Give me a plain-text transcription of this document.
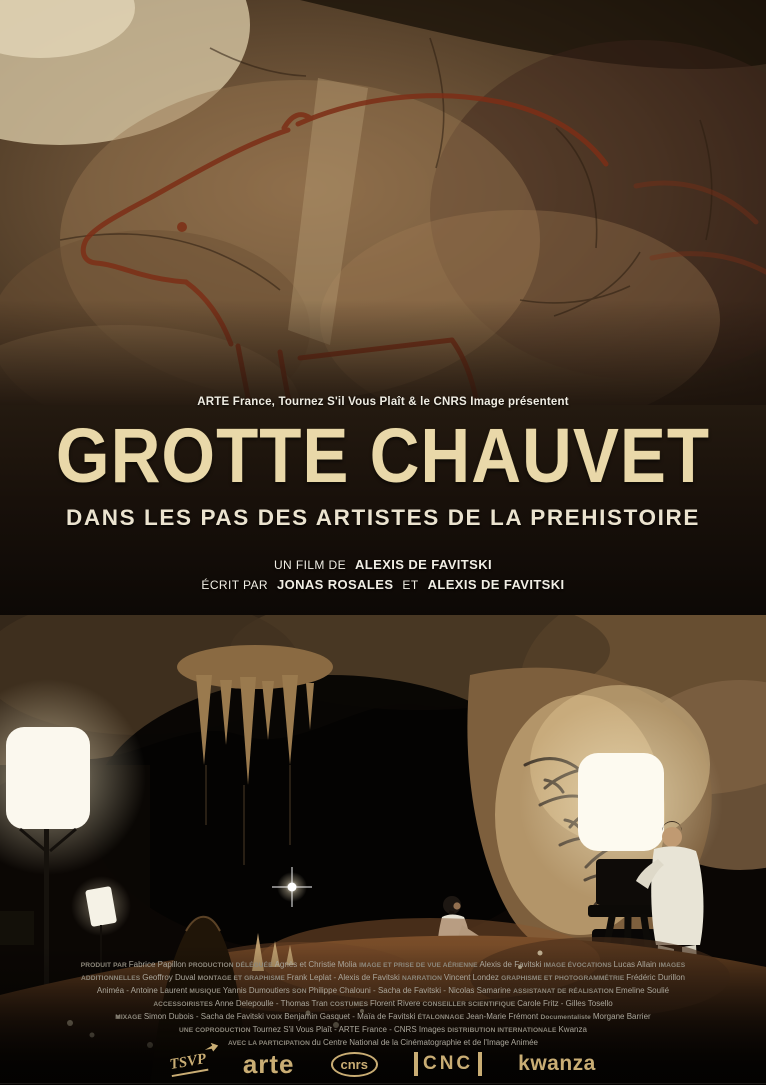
ARTE France, Tournez S'il Vous Plaît & le CNRS Image présentent
GROTTE CHAUVET
DANS LES PAS DES ARTISTES DE LA PREHISTOIRE
UN FILM DE ALEXIS DE FAVITSKI
ÉCRIT PAR JONAS ROSALES ET ALEXIS DE FAVITSKI
PRODUIT PAR Fabrice Papillon PRODUCTION DÉLÉGUÉE Agnès et Christie Molia IMAGE ET PRISE DE VUE AÉRIENNE Alexis de Favitski IMAGE ÉVOCATIONS Lucas Allain IMAGES
ADDITIONNELLES Geoffroy Duval MONTAGE ET GRAPHISME Frank Leplat - Alexis de Favitski NARRATION Vincent Londez GRAPHISME ET PHOTOGRAMMÉTRIE Frédéric Durillon
Animéa - Antoine Laurent MUSIQUE Yannis Dumoutiers SON Philippe Chalouni - Sacha de Favitski - Nicolas Samarine ASSISTANAT DE RÉALISATION Emeline Soulié
ACCESSOIRISTES Anne Delepoulle - Thomas Tran COSTUMES Florent Rivere CONSEILLER SCIENTIFIQUE Carole Fritz - Gilles Tosello
MIXAGE Simon Dubois - Sacha de Favitski VOIX Benjamin Gasquet - Maïa de Favitski ÉTALONNAGE Jean-Marie Frémont Documentaliste Morgane Barrier
UNE COPRODUCTION Tournez S'il Vous Plaît - ARTE France - CNRS Images DISTRIBUTION INTERNATIONALE Kwanza
AVEC LA PARTICIPATION du Centre National de la Cinématographie et de l'Image Animée
TSVP arte	cnrs	CNC	kwanza
